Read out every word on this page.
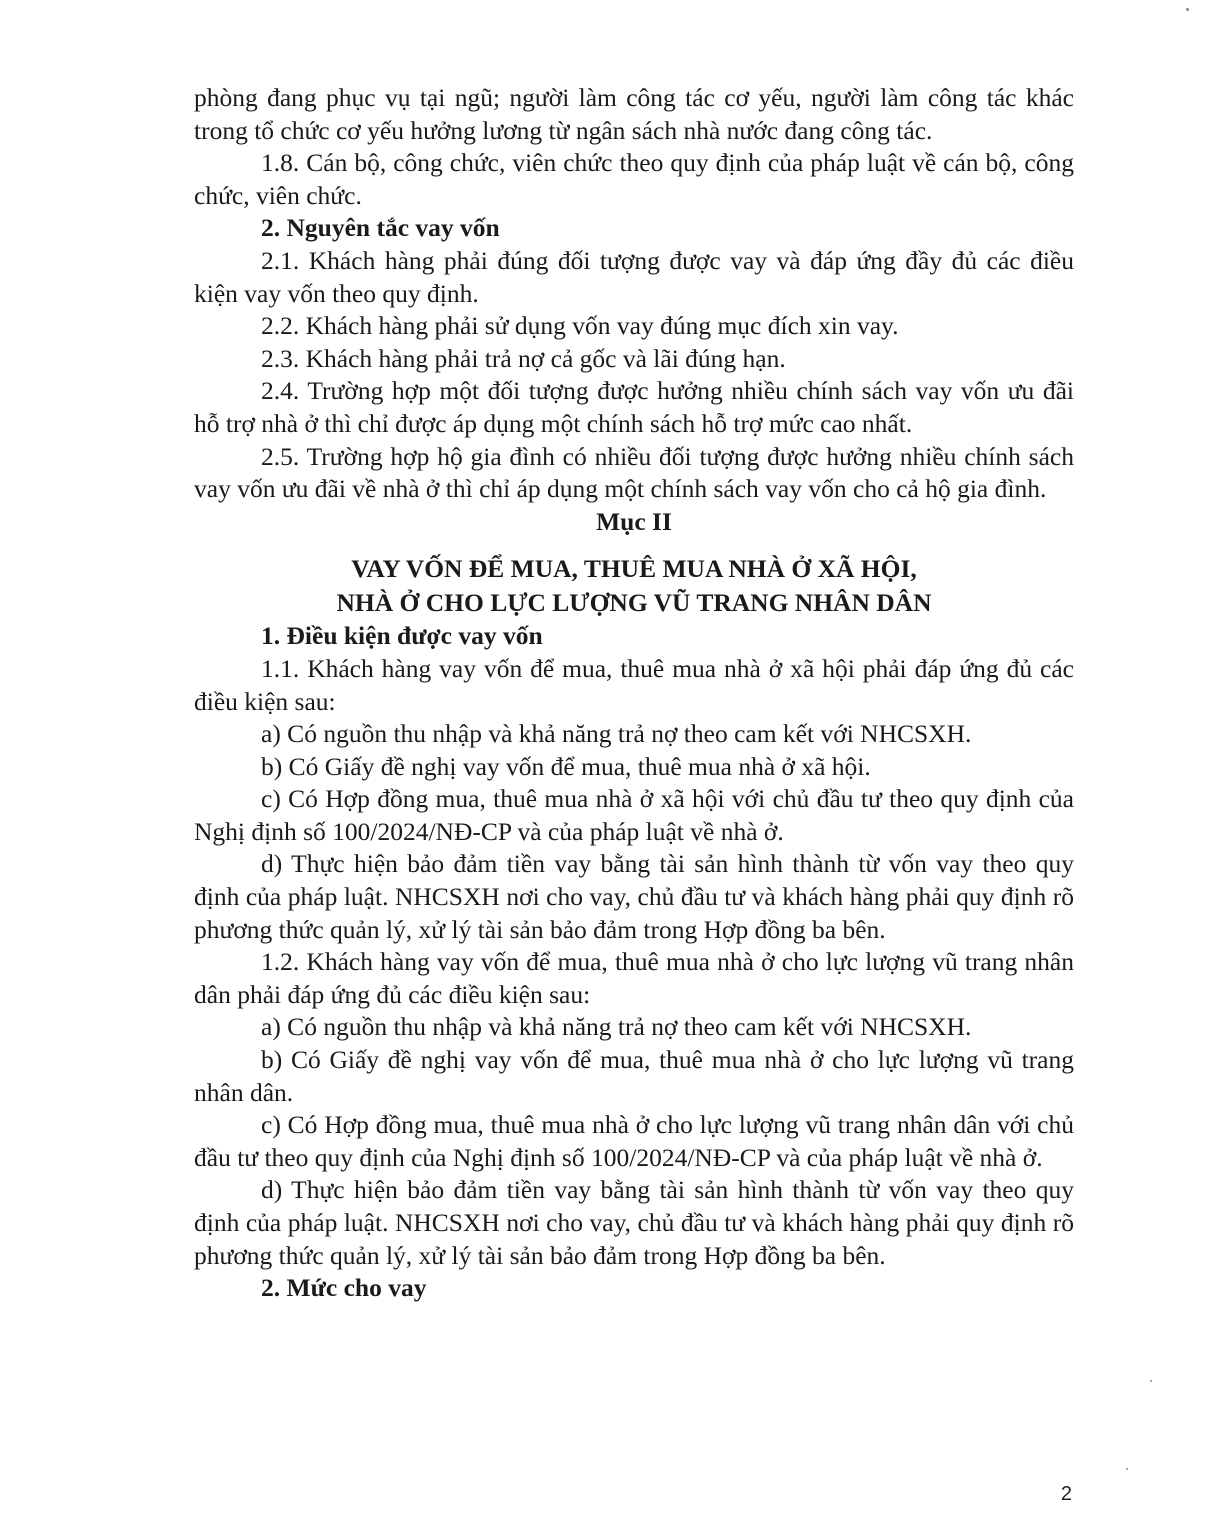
phòng đang phục vụ tại ngũ; người làm công tác cơ yếu, người làm công tác khác trong tổ chức cơ yếu hưởng lương từ ngân sách nhà nước đang công tác.

1.8. Cán bộ, công chức, viên chức theo quy định của pháp luật về cán bộ, công chức, viên chức.

2. Nguyên tắc vay vốn

2.1. Khách hàng phải đúng đối tượng được vay và đáp ứng đầy đủ các điều kiện vay vốn theo quy định.

2.2. Khách hàng phải sử dụng vốn vay đúng mục đích xin vay.

2.3. Khách hàng phải trả nợ cả gốc và lãi đúng hạn.

2.4. Trường hợp một đối tượng được hưởng nhiều chính sách vay vốn ưu đãi hỗ trợ nhà ở thì chỉ được áp dụng một chính sách hỗ trợ mức cao nhất.

2.5. Trường hợp hộ gia đình có nhiều đối tượng được hưởng nhiều chính sách vay vốn ưu đãi về nhà ở thì chỉ áp dụng một chính sách vay vốn cho cả hộ gia đình.

Mục II

VAY VỐN ĐỂ MUA, THUÊ MUA NHÀ Ở XÃ HỘI,
NHÀ Ở CHO LỰC LƯỢNG VŨ TRANG NHÂN DÂN

1. Điều kiện được vay vốn

1.1. Khách hàng vay vốn để mua, thuê mua nhà ở xã hội phải đáp ứng đủ các điều kiện sau:

a) Có nguồn thu nhập và khả năng trả nợ theo cam kết với NHCSXH.

b) Có Giấy đề nghị vay vốn để mua, thuê mua nhà ở xã hội.

c) Có Hợp đồng mua, thuê mua nhà ở xã hội với chủ đầu tư theo quy định của Nghị định số 100/2024/NĐ-CP và của pháp luật về nhà ở.

d) Thực hiện bảo đảm tiền vay bằng tài sản hình thành từ vốn vay theo quy định của pháp luật. NHCSXH nơi cho vay, chủ đầu tư và khách hàng phải quy định rõ phương thức quản lý, xử lý tài sản bảo đảm trong Hợp đồng ba bên.

1.2. Khách hàng vay vốn để mua, thuê mua nhà ở cho lực lượng vũ trang nhân dân phải đáp ứng đủ các điều kiện sau:

a) Có nguồn thu nhập và khả năng trả nợ theo cam kết với NHCSXH.

b) Có Giấy đề nghị vay vốn để mua, thuê mua nhà ở cho lực lượng vũ trang nhân dân.

c) Có Hợp đồng mua, thuê mua nhà ở cho lực lượng vũ trang nhân dân với chủ đầu tư theo quy định của Nghị định số 100/2024/NĐ-CP và của pháp luật về nhà ở.

d) Thực hiện bảo đảm tiền vay bằng tài sản hình thành từ vốn vay theo quy định của pháp luật. NHCSXH nơi cho vay, chủ đầu tư và khách hàng phải quy định rõ phương thức quản lý, xử lý tài sản bảo đảm trong Hợp đồng ba bên.

2. Mức cho vay

2
